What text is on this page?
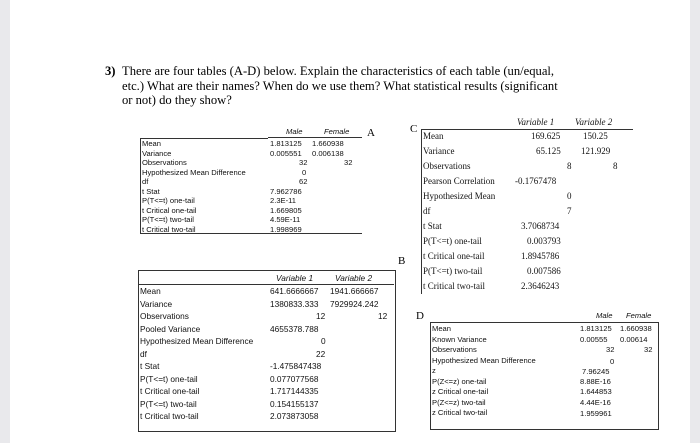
3) There are four tables (A-D) below. Explain the characteristics of each table (un/equal,
etc.) What are their names? When do we use them? What statistical results (significant
or not) do they show?
Male	Female
Mean	1.813125 1.660938
Variance	0.005551 0.006138
Observations	32	32
Hypothesized Mean Difference	0
df	62
t Stat	7.962786
P(T<=t) one-tail	2.3E-11
t Critical one-tail	1.669805
P(T<=t) two-tail	4.59E-11
t Critical two-tail	1.998969
A	C
Variable 1 Variable 2
Mean	169.625	150.25
Variance	65.125 121.929
Observations	8	8
Pearson Correlation -0.1767478
Hypothesized Mean	0
df	7
t Stat	3.7068734
P(T<=t) one-tail	0.003793
t Critical one-tail	1.8945786
P(T<=t) two-tail	0.007586
t Critical two-tail	2.3646243
Variable 1	Variable 2
Mean	641.6666667 1941.666667
Variance	1380833.333 7929924.242
Observations	12	12
Pooled Variance	4655378.788
Hypothesized Mean Difference	0
df	22
t Stat	-1.475847438
P(T<=t) one-tail	0.077077568
t Critical one-tail	1.717144335
P(T<=t) two-tail	0.154155137
t Critical two-tail	2.073873058
B
D	Male Female
Mean	1.813125 1.660938
Known Variance	0.00555 0.00614
Observations	32	32
Hypothesized Mean Difference	0
z	7.96245
P(Z<=z) one-tail	8.88E-16
z Critical one-tail	1.644853
P(Z<=z) two-tail	4.44E-16
z Critical two-tail	1.959961
